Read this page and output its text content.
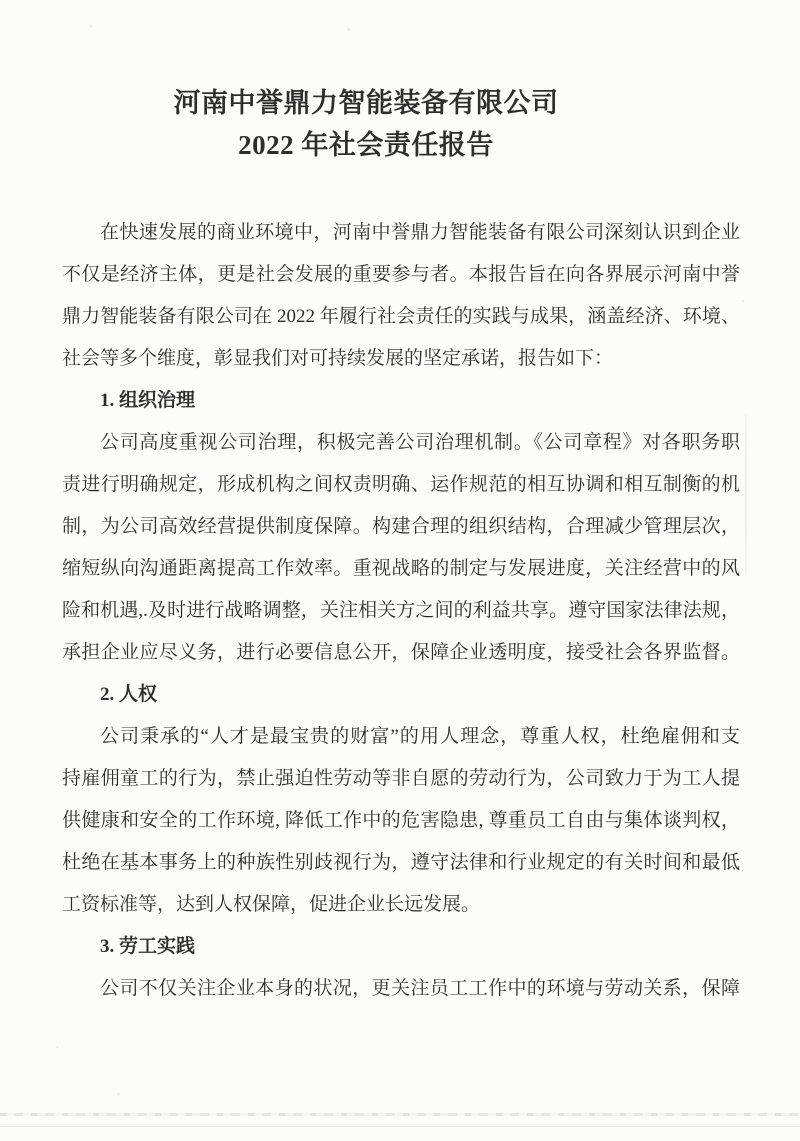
河南中誉鼎力智能装备有限公司
2022 年社会责任报告
在快速发展的商业环境中，河南中誉鼎力智能装备有限公司深刻认识到企业
不仅是经济主体，更是社会发展的重要参与者。本报告旨在向各界展示河南中誉
鼎力智能装备有限公司在 2022 年履行社会责任的实践与成果，涵盖经济、环境、
社会等多个维度，彰显我们对可持续发展的坚定承诺，报告如下：
1. 组织治理
公司高度重视公司治理，积极完善公司治理机制。《公司章程》对各职务职
责进行明确规定，形成机构之间权责明确、运作规范的相互协调和相互制衡的机
制，为公司高效经营提供制度保障。构建合理的组织结构，合理减少管理层次，
缩短纵向沟通距离提高工作效率。重视战略的制定与发展进度，关注经营中的风
险和机遇,.及时进行战略调整，关注相关方之间的利益共享。遵守国家法律法规，
承担企业应尽义务，进行必要信息公开，保障企业透明度，接受社会各界监督。
2. 人权
公司秉承的“人才是最宝贵的财富”的用人理念，尊重人权，杜绝雇佣和支
持雇佣童工的行为，禁止强迫性劳动等非自愿的劳动行为，公司致力于为工人提
供健康和安全的工作环境, 降低工作中的危害隐患, 尊重员工自由与集体谈判权，
杜绝在基本事务上的种族性别歧视行为，遵守法律和行业规定的有关时间和最低
工资标准等，达到人权保障，促进企业长远发展。
3. 劳工实践
公司不仅关注企业本身的状况，更关注员工工作中的环境与劳动关系，保障
